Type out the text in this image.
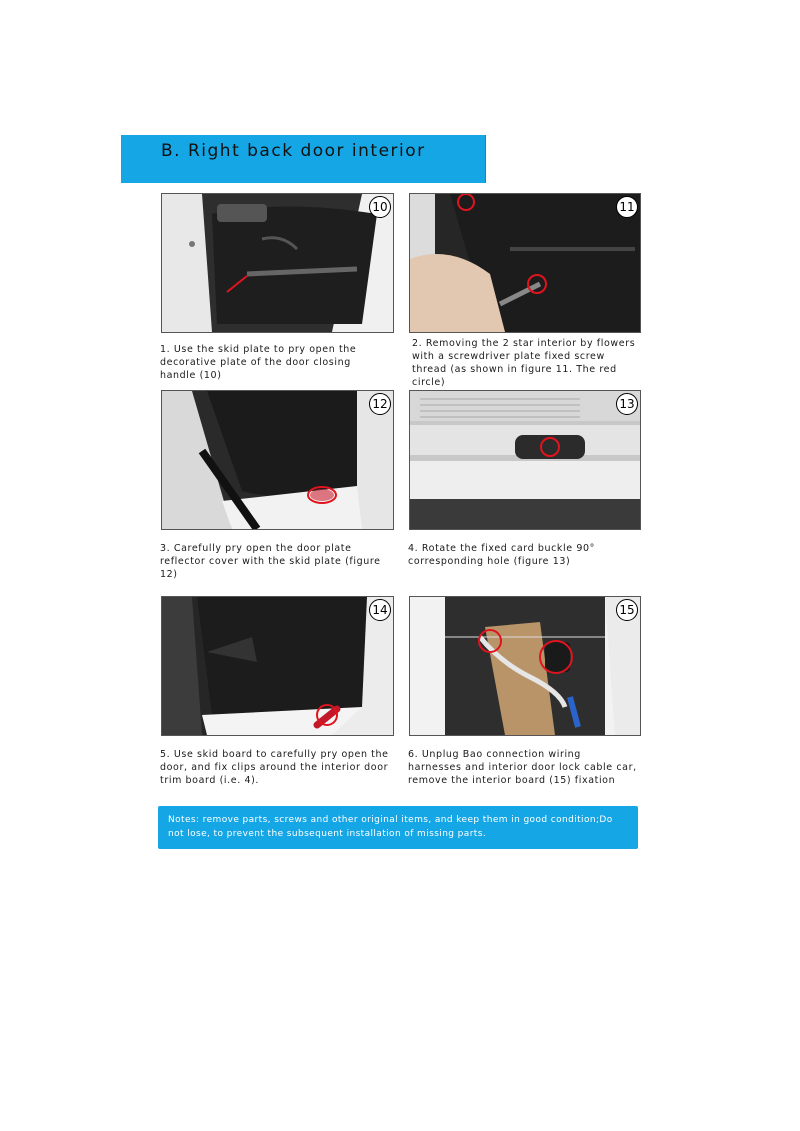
B. Right back door interior
10
1. Use the skid plate to pry open the decorative plate of the door closing handle (10)
11
2. Removing the 2 star interior by flowers with a screwdriver plate fixed screw thread (as shown in figure 11. The red circle)
12
3. Carefully pry open the door plate reflector cover with the skid plate (figure 12)
13
4. Rotate the fixed card buckle 90° corresponding hole (figure 13)
14
5. Use skid board to carefully pry open the door, and fix clips around the interior door trim board (i.e. 4).
15
6. Unplug Bao connection wiring harnesses and interior door lock cable car, remove the interior board (15) fixation
Notes: remove parts, screws and other original items, and keep them in good condition;Do not lose, to prevent the subsequent installation of missing parts.
